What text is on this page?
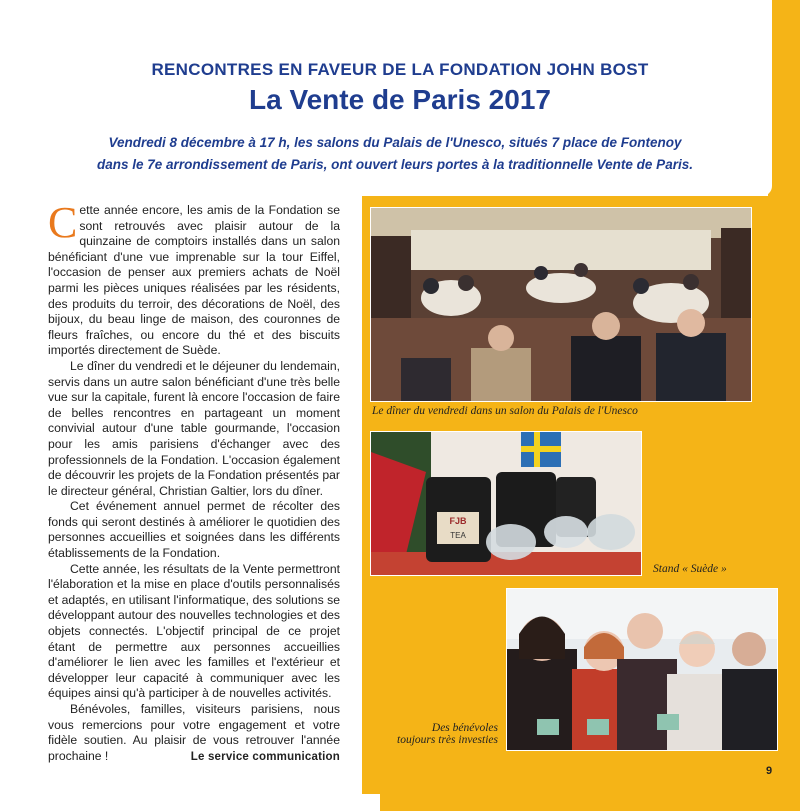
RENCONTRES EN FAVEUR DE LA FONDATION JOHN BOST
La Vente de Paris 2017
Vendredi 8 décembre à 17 h, les salons du Palais de l'Unesco, situés 7 place de Fontenoy
dans le 7e arrondissement de Paris, ont ouvert leurs portes à la traditionnelle Vente de Paris.

Cette année encore, les amis de la Fondation se sont retrouvés avec plaisir autour de la quinzaine de comptoirs installés dans un salon bénéficiant d'une vue imprenable sur la tour Eiffel, l'occasion de penser aux premiers achats de Noël parmi les pièces uniques réalisées par les résidents, des produits du terroir, des décorations de Noël, des bijoux, du beau linge de maison, des couronnes de fleurs fraîches, ou encore du thé et des biscuits importés directement de Suède.

Le dîner du vendredi et le déjeuner du lendemain, servis dans un autre salon bénéficiant d'une très belle vue sur la capitale, furent là encore l'occasion de faire de belles rencontres en partageant un moment convivial autour d'une table gourmande, l'occasion pour les amis parisiens d'échanger avec des professionnels de la Fondation. L'occasion également de découvrir les projets de la Fondation présentés par le directeur général, Christian Galtier, lors du dîner.

Cet événement annuel permet de récolter des fonds qui seront destinés à améliorer le quotidien des personnes accueillies et soignées dans les différents établissements de la Fondation.

Cette année, les résultats de la Vente permettront l'élaboration et la mise en place d'outils personnalisés et adaptés, en utilisant l'informatique, des solutions se développant autour des nouvelles technologies et des objets connectés. L'objectif principal de ce projet étant de permettre aux personnes accueillies d'améliorer le lien avec les familles et l'extérieur et développer leur capacité à communiquer avec les équipes ainsi qu'à participer à de nouvelles activités.

Bénévoles, familles, visiteurs parisiens, nous vous remercions pour votre engagement et votre fidèle soutien. Au plaisir de vous retrouver l'année prochaine !	Le service communication
Le dîner du vendredi dans un salon du Palais de l'Unesco
FJB
TEA
Stand « Suède »
Des bénévoles
toujours très investies
9
